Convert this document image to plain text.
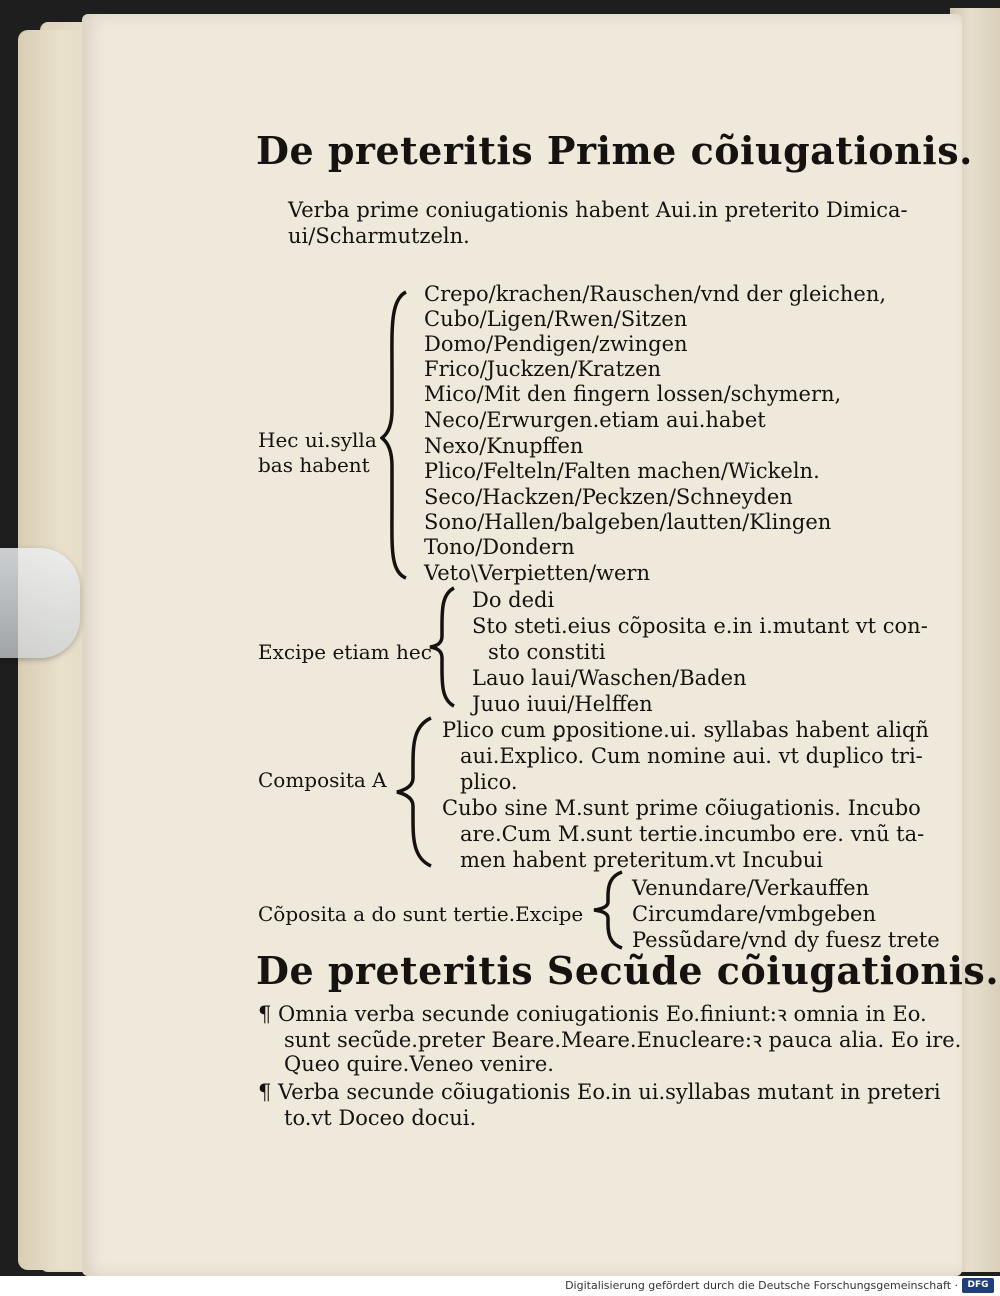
De preteritis Prime cõiugationis.
Verba prime coniugationis habent Aui.in preterito Dimica-
ui/Scharmutzeln.
Hec ui.sylla
bas habent
Crepo/krachen/Rauschen/vnd der gleichen,
Cubo/Ligen/Rwen/Sitzen
Domo/Pendigen/zwingen
Frico/Juckzen/Kratzen
Mico/Mit den fingern lossen/schymern,
Neco/Erwurgen.etiam aui.habet
Nexo/Knupffen
Plico/Felteln/Falten machen/Wickeln.
Seco/Hackzen/Peckzen/Schneyden
Sono/Hallen/balgeben/lautten/Klingen
Tono/Dondern
Veto\Verpietten/wern
Excipe etiam hec
Do dedi
Sto steti.eius cõposita e.in i.mutant vt con-
sto constiti
Lauo laui/Waschen/Baden
Juuo iuui/Helffen
Composita A
Plico cum ꝑpositione.ui. syllabas habent aliqñ
aui.Explico. Cum nomine aui. vt duplico tri-
plico.
Cubo sine M.sunt prime cõiugationis. Incubo
are.Cum M.sunt tertie.incumbo ere. vnũ ta-
men habent preteritum.vt Incubui
Cõposita a do sunt tertie.Excipe
Venundare/Verkauffen
Circumdare/vmbgeben
Pessũdare/vnd dy fuesz trete
De preteritis Secũde cõiugationis.
¶ Omnia verba secunde coniugationis Eo.finiunt:ꝛ omnia in Eo.
sunt secũde.preter Beare.Meare.Enucleare:ꝛ pauca alia. Eo ire.
Queo quire.Veneo venire.
¶ Verba secunde cõiugationis Eo.in ui.syllabas mutant in preteri
to.vt Doceo docui.
Digitalisierung gefördert durch die Deutsche Forschungsgemeinschaft ·	DFG
